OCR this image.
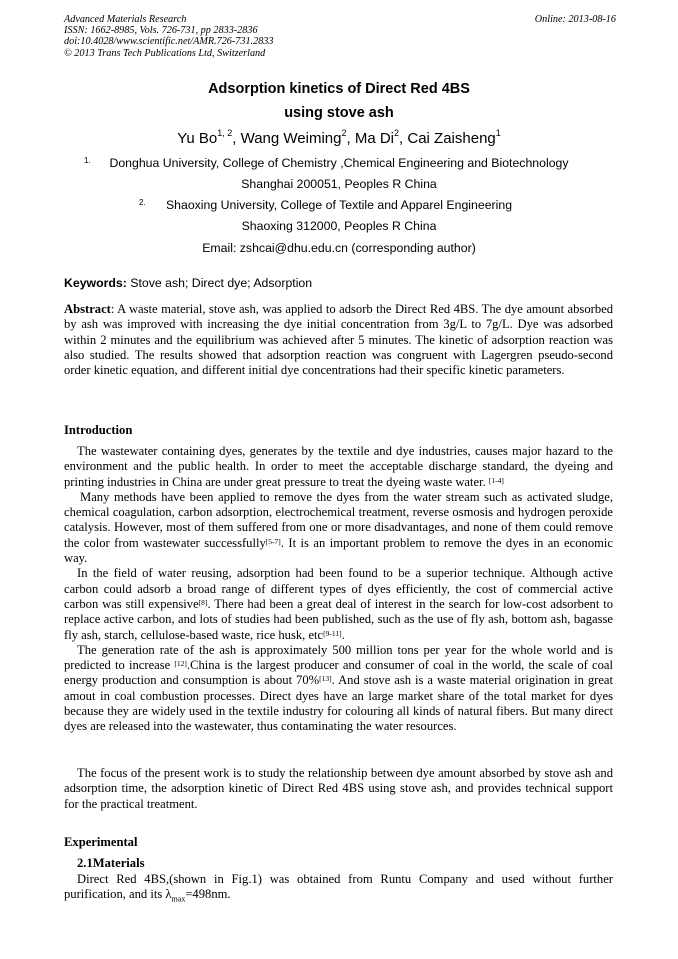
Advanced Materials Research
ISSN: 1662-8985, Vols. 726-731, pp 2833-2836
doi:10.4028/www.scientific.net/AMR.726-731.2833
© 2013 Trans Tech Publications Ltd, Switzerland
Online: 2013-08-16
Adsorption kinetics of Direct Red 4BS
using stove ash
Yu Bo$^{1, 2}$, Wang Weiming$^2$, Ma Di$^2$, Cai Zaisheng$^1$
1.	Donghua University, College of Chemistry ,Chemical Engineering and Biotechnology
Shanghai 200051, Peoples R China
2.	Shaoxing University, College of Textile and Apparel Engineering
Shaoxing 312000, Peoples R China
Email: zshcai@dhu.edu.cn (corresponding author)
Keywords: Stove ash; Direct dye; Adsorption
Abstract: A waste material, stove ash, was applied to adsorb the Direct Red 4BS. The dye amount absorbed by ash was improved with increasing the dye initial concentration from 3g/L to 7g/L. Dye was adsorbed within 2 minutes and the equilibrium was achieved after 5 minutes. The kinetic of adsorption reaction was also studied. The results showed that adsorption reaction was congruent with Lagergren pseudo-second order kinetic equation, and different initial dye concentrations had their specific kinetic parameters.
Introduction

The wastewater containing dyes, generates by the textile and dye industries, causes major hazard to the environment and the public health. In order to meet the acceptable discharge standard, the dyeing and printing industries in China are under great pressure to treat the dyeing waste water. [1-4]

Many methods have been applied to remove the dyes from the water stream such as activated sludge, chemical coagulation, carbon adsorption, electrochemical treatment, reverse osmosis and hydrogen peroxide catalysis. However, most of them suffered from one or more disadvantages, and none of them could remove the color from wastewater successfully[5-7]. It is an important problem to remove the dyes in an economic way.

In the field of water reusing, adsorption had been found to be a superior technique. Although active carbon could adsorb a broad range of different types of dyes efficiently, the cost of commercial active carbon was still expensive[8]. There had been a great deal of interest in the search for low-cost adsorbent to replace active carbon, and lots of studies had been published, such as the use of fly ash, bottom ash, bagasse fly ash, starch, cellulose-based waste, rice husk, etc[9-11].

The generation rate of the ash is approximately 500 million tons per year for the whole world and is predicted to increase [12].China is the largest producer and consumer of coal in the world, the scale of coal energy production and consumption is about 70%[13]. And stove ash is a waste material origination in great amout in coal combustion processes. Direct dyes have an large market share of the total market for dyes because they are widely used in the textile industry for colouring all kinds of natural fibers. But many direct dyes are released into the wastewater, thus contaminating the water resources.

The focus of the present work is to study the relationship between dye amount absorbed by stove ash and adsorption time, the adsorption kinetic of Direct Red 4BS using stove ash, and provides technical support for the practical treatment.

Experimental
2.1Materials

Direct Red 4BS,(shown in Fig.1) was obtained from Runtu Company and used without further purification, and its $\lambda_{max}=498nm$.
